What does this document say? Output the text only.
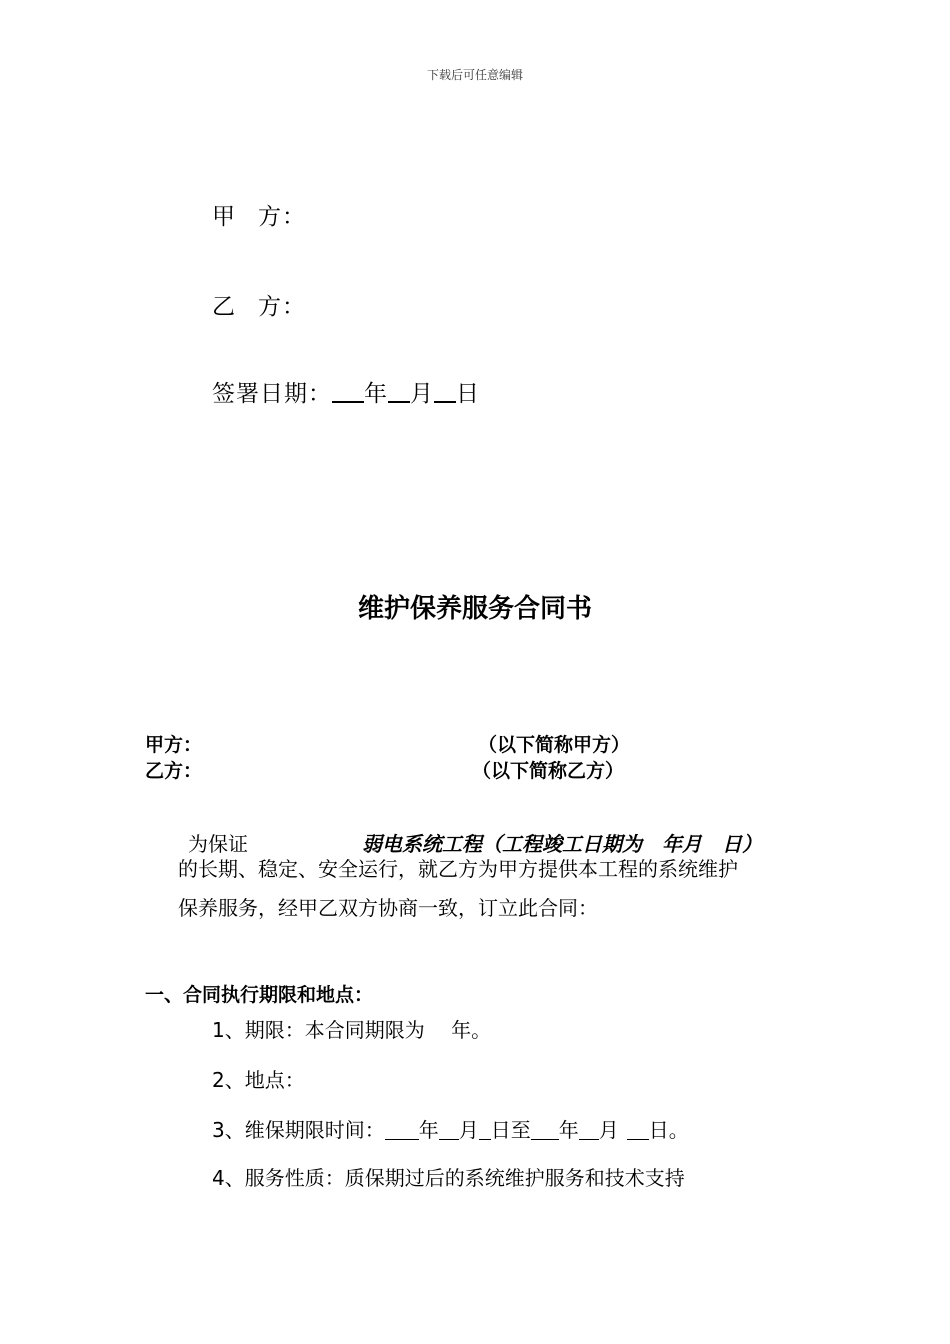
下载后可任意编辑
甲 方：
乙 方：
签署日期： 年 月 日
维护保养服务合同书
甲方：	（以下简称甲方）
乙方：	（以下简称乙方）
为保证	弱电系统工程（工程竣工日期为　年月　日）
的长期、稳定、安全运行，就乙方为甲方提供本工程的系统维护
保养服务，经甲乙双方协商一致，订立此合同：
一、合同执行期限和地点：
1、期限：本合同期限为　 年。
2、地点：
3、维保期限时间： 年 月 日至 年 月 日。
4、服务性质：质保期过后的系统维护服务和技术支持
